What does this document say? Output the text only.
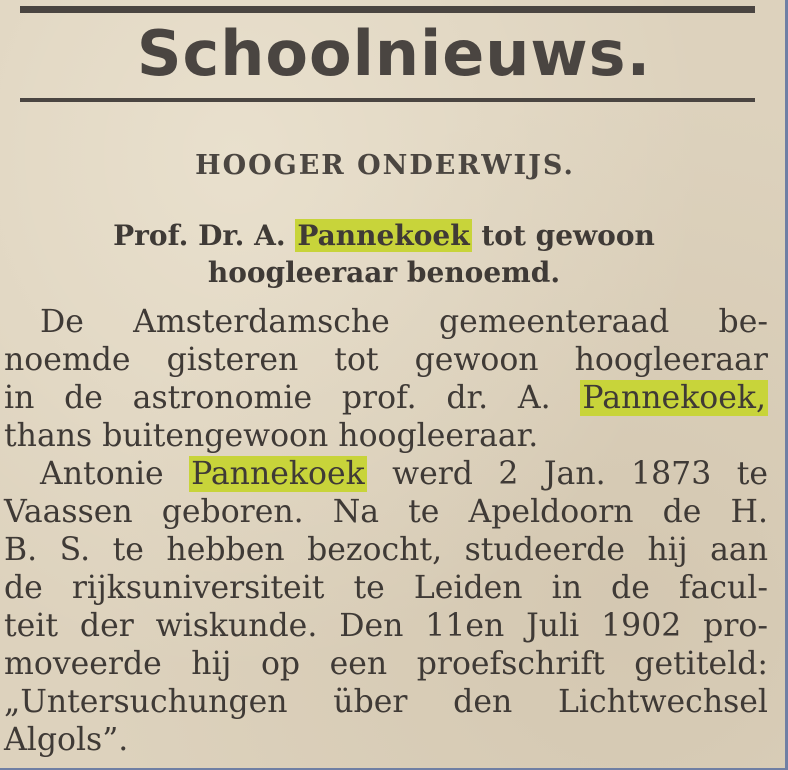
Schoolnieuws.
HOOGER ONDERWIJS.
Prof. Dr. A. Pannekoek tot gewoon
hoogleeraar benoemd.
De Amsterdamsche gemeenteraad be-
noemde gisteren tot gewoon hoogleeraar
in de astronomie prof. dr. A. Pannekoek,
thans buitengewoon hoogleeraar.
Antonie Pannekoek werd 2 Jan. 1873 te
Vaassen geboren. Na te Apeldoorn de H.
B. S. te hebben bezocht, studeerde hij aan
de rijksuniversiteit te Leiden in de facul-
teit der wiskunde. Den 11en Juli 1902 pro-
moveerde hij op een proefschrift getiteld:
„Untersuchungen über den Lichtwechsel
Algols”.
